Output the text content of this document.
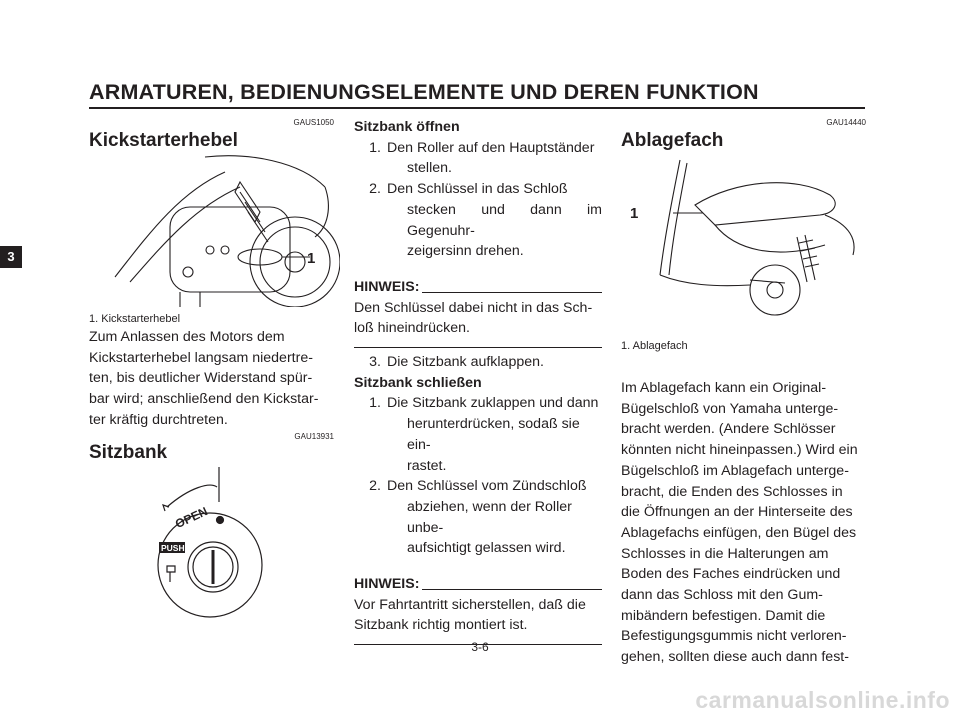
ARMATUREN, BEDIENUNGSELEMENTE UND DEREN FUNKTION
3
GAUS1050
Kickstarterhebel
1
1. Kickstarterhebel
Zum Anlassen des Motors dem
Kickstarterhebel langsam niedertre-
ten, bis deutlicher Widerstand spür-
bar wird; anschließend den Kickstar-
ter kräftig durchtreten.
GAU13931
Sitzbank
OPEN
PUSH
Sitzbank öffnen
1. Den Roller auf den Hauptständer
stellen.
2. Den Schlüssel in das Schloß
stecken und dann im Gegenuhr-
zeigersinn drehen.
HINWEIS:
Den Schlüssel dabei nicht in das Sch-
loß hineindrücken.
3. Die Sitzbank aufklappen.
Sitzbank schließen
1. Die Sitzbank zuklappen und dann
herunterdrücken, sodaß sie ein-
rastet.
2. Den Schlüssel vom Zündschloß
abziehen, wenn der Roller unbe-
aufsichtigt gelassen wird.
HINWEIS:
Vor Fahrtantritt sicherstellen, daß die
Sitzbank richtig montiert ist.
GAU14440
Ablagefach
1
1. Ablagefach
Im Ablagefach kann ein Original-
Bügelschloß von Yamaha unterge-
bracht werden. (Andere Schlösser
könnten nicht hineinpassen.) Wird ein
Bügelschloß im Ablagefach unterge-
bracht, die Enden des Schlosses in
die Öffnungen an der Hinterseite des
Ablagefachs einfügen, den Bügel des
Schlosses in die Halterungen am
Boden des Faches eindrücken und
dann das Schloss mit den Gum-
mibändern befestigen. Damit die
Befestigungsgummis nicht verloren-
gehen, sollten diese auch dann fest-
3-6
carmanualsonline.info
